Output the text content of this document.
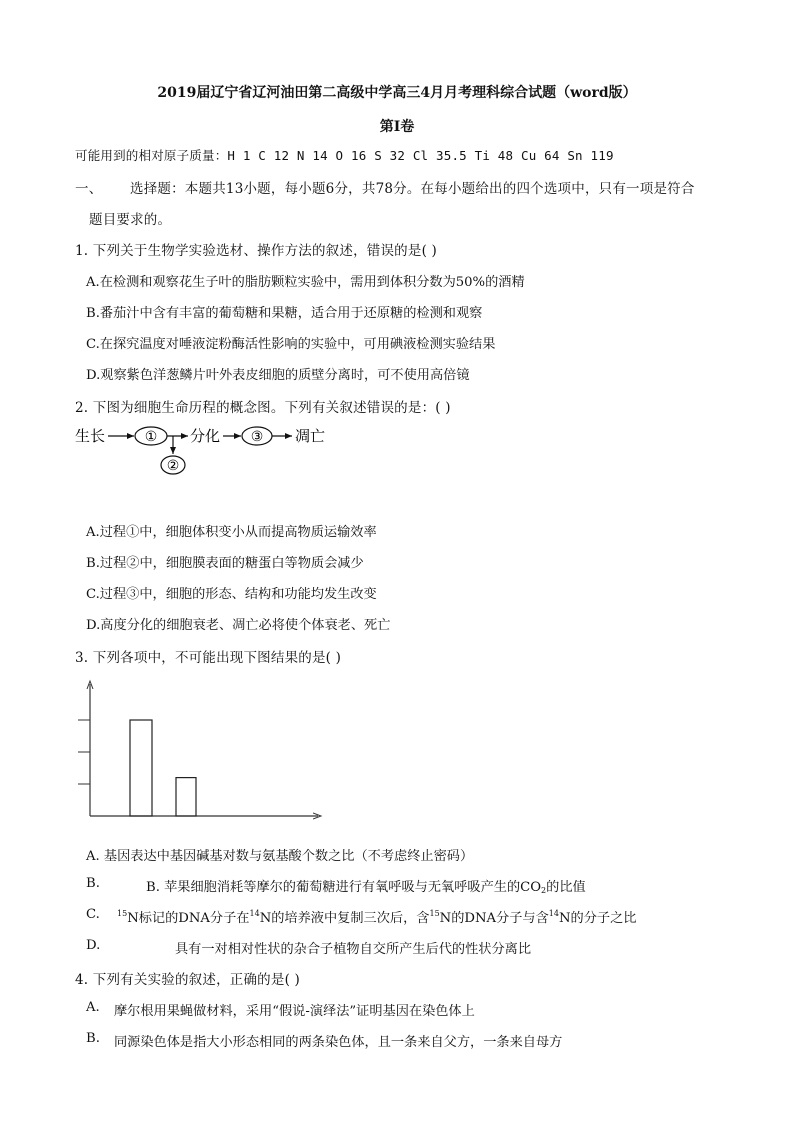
2019届辽宁省辽河油田第二高级中学高三4月月考理科综合试题（word版）
第Ⅰ卷
可能用到的相对原子质量：H 1 C 12 N 14 O 16 S 32 Cl 35.5 Ti 48 Cu 64 Sn 119
一、 选择题：本题共13小题，每小题6分，共78分。在每小题给出的四个选项中，只有一项是符合
题目要求的。
1. 下列关于生物学实验选材、操作方法的叙述，错误的是( )
A.在检测和观察花生子叶的脂肪颗粒实验中，需用到体积分数为50%的酒精
B.番茄汁中含有丰富的葡萄糖和果糖，适合用于还原糖的检测和观察
C.在探究温度对唾液淀粉酶活性影响的实验中，可用碘液检测实验结果
D.观察紫色洋葱鳞片叶外表皮细胞的质壁分离时，可不使用高倍镜
2. 下图为细胞生命历程的概念图。下列有关叙述错误的是：( )
生长	①
②
分化 ③ 凋亡
A.过程①中，细胞体积变小从而提高物质运输效率
B.过程②中，细胞膜表面的糖蛋白等物质会减少
C.过程③中，细胞的形态、结构和功能均发生改变
D.高度分化的细胞衰老、凋亡必将使个体衰老、死亡
3. 下列各项中，不可能出现下图结果的是( )
A. 基因表达中基因碱基对数与氨基酸个数之比（不考虑终止密码）
B.	B. 苹果细胞消耗等摩尔的葡萄糖进行有氧呼吸与无氧呼吸产生的$CO_2$的比值
C. $^{15}$N标记的DNA分子在$^{14}$N的培养液中复制三次后，含$^{15}$N的DNA分子与含$^{14}$N的分子之比
D.	具有一对相对性状的杂合子植物自交所产生后代的性状分离比
4. 下列有关实验的叙述，正确的是( )
A. 摩尔根用果蝇做材料，采用“假说-演绎法”证明基因在染色体上
B. 同源染色体是指大小形态相同的两条染色体，且一条来自父方，一条来自母方
